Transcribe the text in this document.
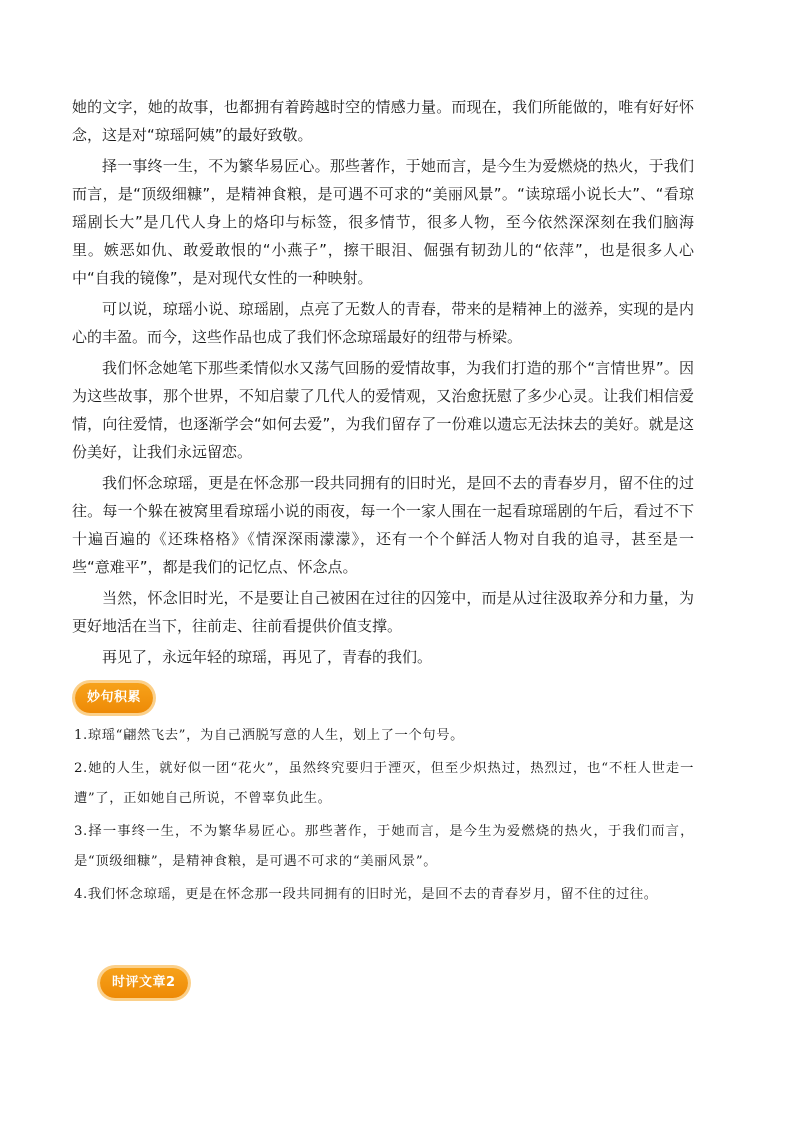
她的文字，她的故事，也都拥有着跨越时空的情感力量。而现在，我们所能做的，唯有好好怀念，这是对“琼瑶阿姨”的最好致敬。

择一事终一生，不为繁华易匠心。那些著作，于她而言，是今生为爱燃烧的热火，于我们而言，是“顶级细糠”，是精神食粮，是可遇不可求的“美丽风景”。“读琼瑶小说长大”、“看琼瑶剧长大”是几代人身上的烙印与标签，很多情节，很多人物，至今依然深深刻在我们脑海里。嫉恶如仇、敢爱敢恨的“小燕子”，擦干眼泪、倔强有韧劲儿的“依萍”，也是很多人心中“自我的镜像”，是对现代女性的一种映射。

可以说，琼瑶小说、琼瑶剧，点亮了无数人的青春，带来的是精神上的滋养，实现的是内心的丰盈。而今，这些作品也成了我们怀念琼瑶最好的纽带与桥梁。

我们怀念她笔下那些柔情似水又荡气回肠的爱情故事，为我们打造的那个“言情世界”。因为这些故事，那个世界，不知启蒙了几代人的爱情观，又治愈抚慰了多少心灵。让我们相信爱情，向往爱情，也逐渐学会“如何去爱”，为我们留存了一份难以遗忘无法抹去的美好。就是这份美好，让我们永远留恋。

我们怀念琼瑶，更是在怀念那一段共同拥有的旧时光，是回不去的青春岁月，留不住的过往。每一个躲在被窝里看琼瑶小说的雨夜，每一个一家人围在一起看琼瑶剧的午后，看过不下十遍百遍的《还珠格格》《情深深雨濛濛》，还有一个个鲜活人物对自我的追寻，甚至是一些“意难平”，都是我们的记忆点、怀念点。

当然，怀念旧时光，不是要让自己被困在过往的囚笼中，而是从过往汲取养分和力量，为更好地活在当下，往前走、往前看提供价值支撑。

再见了，永远年轻的琼瑶，再见了，青春的我们。

妙句积累

1.琼瑶“翩然飞去”，为自己洒脱写意的人生，划上了一个句号。

2.她的人生，就好似一团“花火”，虽然终究要归于湮灭，但至少炽热过，热烈过，也“不枉人世走一遭”了，正如她自己所说，不曾辜负此生。

3.择一事终一生，不为繁华易匠心。那些著作，于她而言，是今生为爱燃烧的热火，于我们而言，是“顶级细糠”，是精神食粮，是可遇不可求的“美丽风景”。

4.我们怀念琼瑶，更是在怀念那一段共同拥有的旧时光，是回不去的青春岁月，留不住的过往。

时评文章2
